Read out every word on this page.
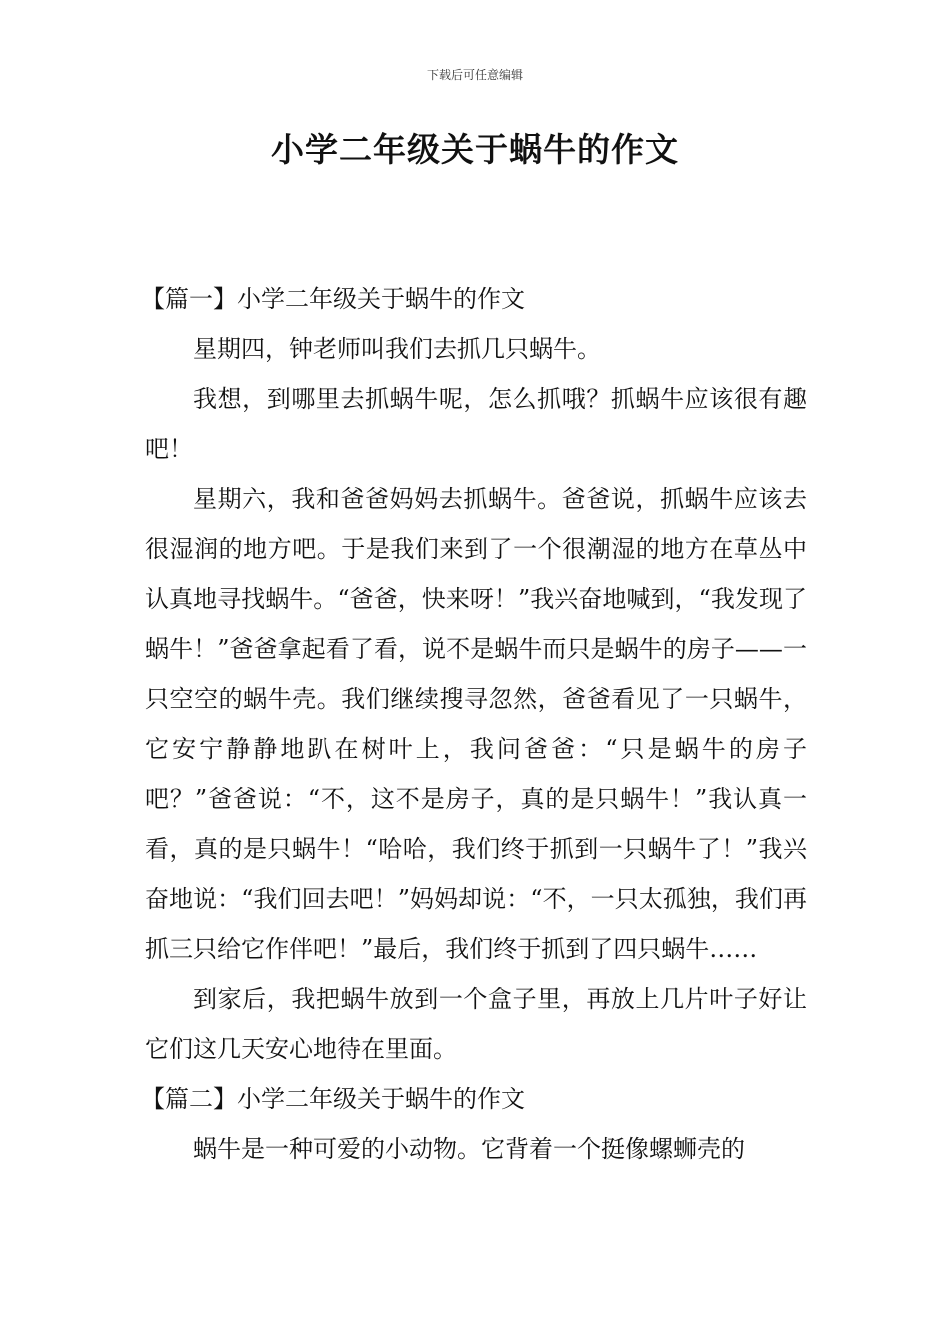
下载后可任意编辑
小学二年级关于蜗牛的作文

【篇一】小学二年级关于蜗牛的作文

星期四，钟老师叫我们去抓几只蜗牛。

我想，到哪里去抓蜗牛呢，怎么抓哦？抓蜗牛应该很有趣吧！

星期六，我和爸爸妈妈去抓蜗牛。爸爸说，抓蜗牛应该去很湿润的地方吧。于是我们来到了一个很潮湿的地方在草丛中认真地寻找蜗牛。“爸爸，快来呀！”我兴奋地喊到，“我发现了蜗牛！”爸爸拿起看了看，说不是蜗牛而只是蜗牛的房子——一只空空的蜗牛壳。我们继续搜寻忽然，爸爸看见了一只蜗牛，它安宁静静地趴在树叶上，我问爸爸：“只是蜗牛的房子吧？”爸爸说：“不，这不是房子，真的是只蜗牛！”我认真一看，真的是只蜗牛！“哈哈，我们终于抓到一只蜗牛了！”我兴奋地说：“我们回去吧！”妈妈却说：“不，一只太孤独，我们再抓三只给它作伴吧！”最后，我们终于抓到了四只蜗牛……

到家后，我把蜗牛放到一个盒子里，再放上几片叶子好让它们这几天安心地待在里面。

【篇二】小学二年级关于蜗牛的作文

蜗牛是一种可爱的小动物。它背着一个挺像螺蛳壳的
